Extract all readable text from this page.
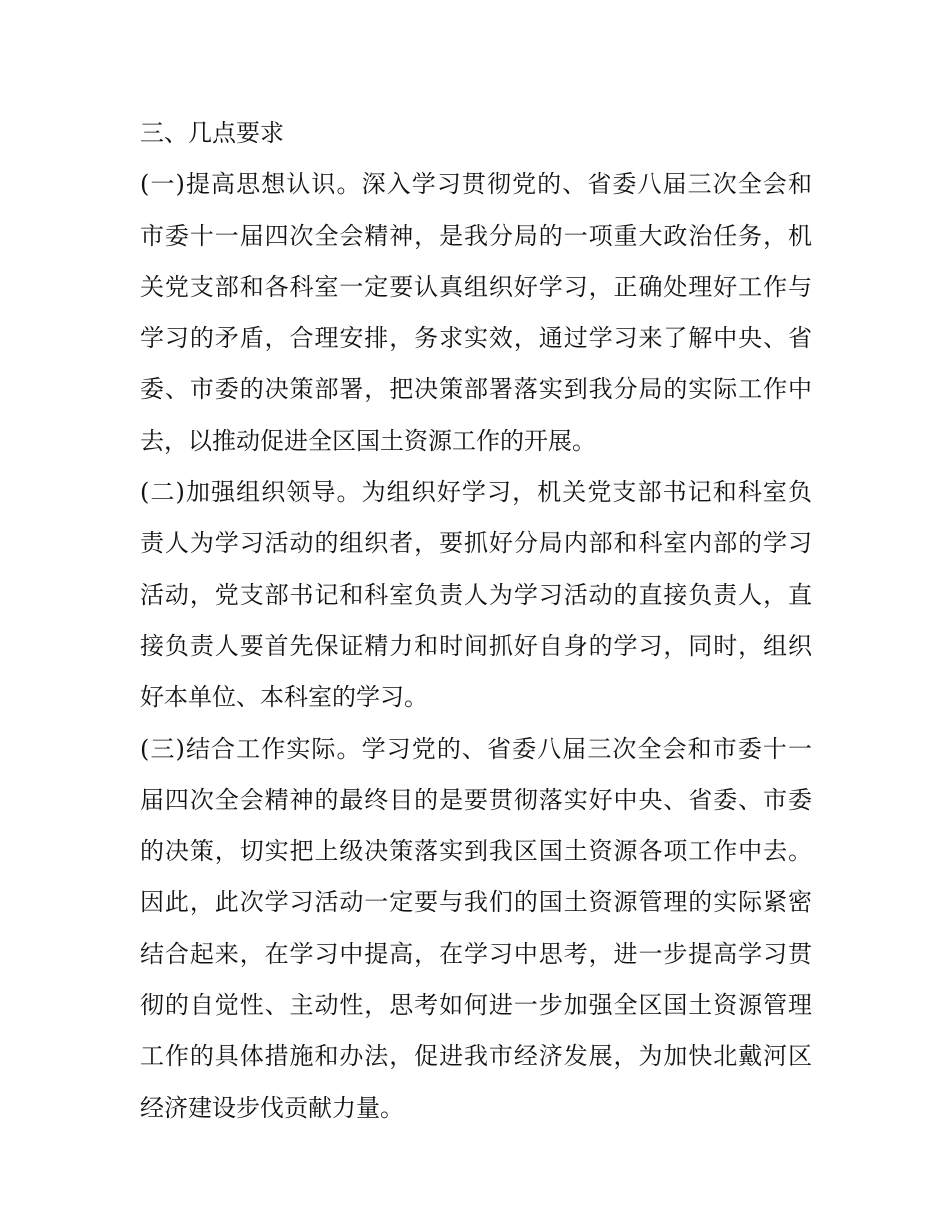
三、几点要求
(一)提高思想认识。深入学习贯彻党的、省委八届三次全会和
市委十一届四次全会精神，是我分局的一项重大政治任务，机
关党支部和各科室一定要认真组织好学习，正确处理好工作与
学习的矛盾，合理安排，务求实效，通过学习来了解中央、省
委、市委的决策部署，把决策部署落实到我分局的实际工作中
去，以推动促进全区国土资源工作的开展。
(二)加强组织领导。为组织好学习，机关党支部书记和科室负
责人为学习活动的组织者，要抓好分局内部和科室内部的学习
活动，党支部书记和科室负责人为学习活动的直接负责人，直
接负责人要首先保证精力和时间抓好自身的学习，同时，组织
好本单位、本科室的学习。
(三)结合工作实际。学习党的、省委八届三次全会和市委十一
届四次全会精神的最终目的是要贯彻落实好中央、省委、市委
的决策，切实把上级决策落实到我区国土资源各项工作中去。
因此，此次学习活动一定要与我们的国土资源管理的实际紧密
结合起来，在学习中提高，在学习中思考，进一步提高学习贯
彻的自觉性、主动性，思考如何进一步加强全区国土资源管理
工作的具体措施和办法，促进我市经济发展，为加快北戴河区
经济建设步伐贡献力量。
